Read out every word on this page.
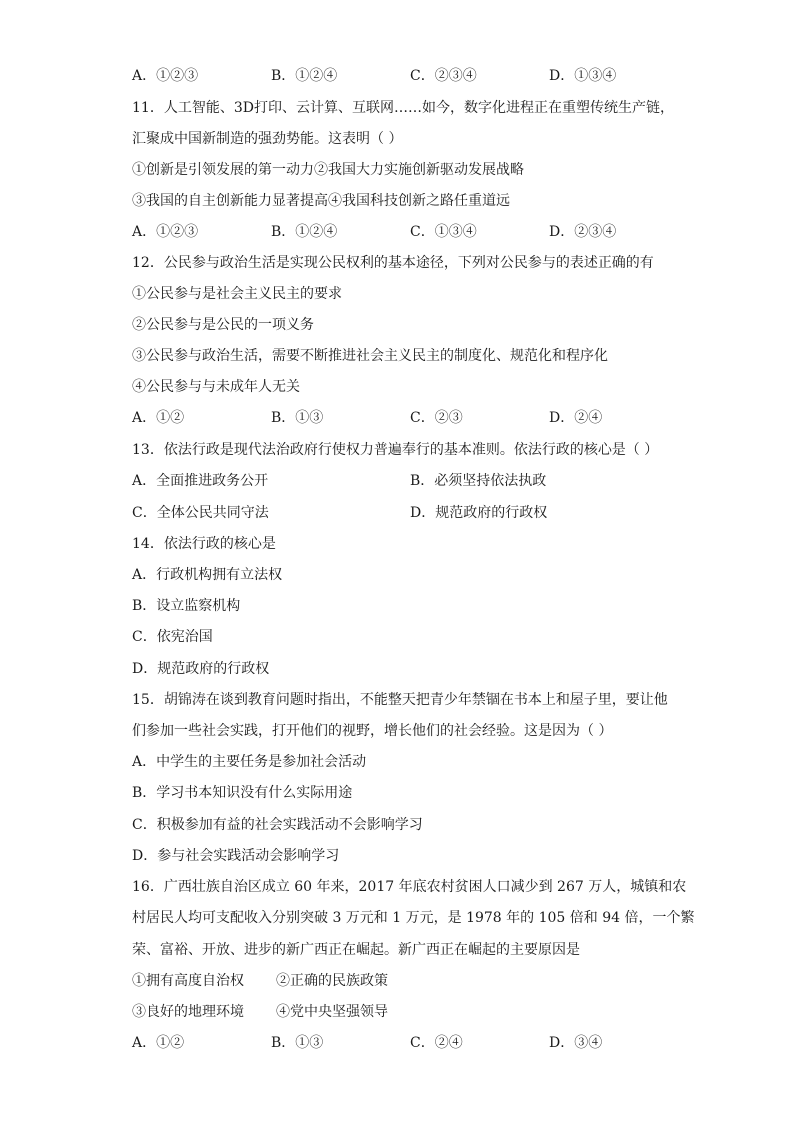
A．①②③	B．①②④	C．②③④	D．①③④
11．人工智能、3D打印、云计算、互联网……如今，数字化进程正在重塑传统生产链，
汇聚成中国新制造的强劲势能。这表明（ ）
①创新是引领发展的第一动力②我国大力实施创新驱动发展战略
③我国的自主创新能力显著提高④我国科技创新之路任重道远
A．①②③	B．①②④	C．①③④	D．②③④
12．公民参与政治生活是实现公民权利的基本途径，下列对公民参与的表述正确的有
①公民参与是社会主义民主的要求
②公民参与是公民的一项义务
③公民参与政治生活，需要不断推进社会主义民主的制度化、规范化和程序化
④公民参与与未成年人无关
A．①②	B．①③	C．②③	D．②④
13．依法行政是现代法治政府行使权力普遍奉行的基本准则。依法行政的核心是（ ）
A．全面推进政务公开	B．必须坚持依法执政
C．全体公民共同守法	D．规范政府的行政权
14．依法行政的核心是
A．行政机构拥有立法权
B．设立监察机构
C．依宪治国
D．规范政府的行政权
15．胡锦涛在谈到教育问题时指出，不能整天把青少年禁锢在书本上和屋子里，要让他
们参加一些社会实践，打开他们的视野，增长他们的社会经验。这是因为（ ）
A．中学生的主要任务是参加社会活动
B．学习书本知识没有什么实际用途
C．积极参加有益的社会实践活动不会影响学习
D．参与社会实践活动会影响学习
16．广西壮族自治区成立 60 年来，2017 年底农村贫困人口减少到 267 万人，城镇和农
村居民人均可支配收入分别突破 3 万元和 1 万元，是 1978 年的 105 倍和 94 倍，一个繁
荣、富裕、开放、进步的新广西正在崛起。新广西正在崛起的主要原因是
①拥有高度自治权	②正确的民族政策
③良好的地理环境	④党中央坚强领导
A．①②	B．①③	C．②④	D．③④
